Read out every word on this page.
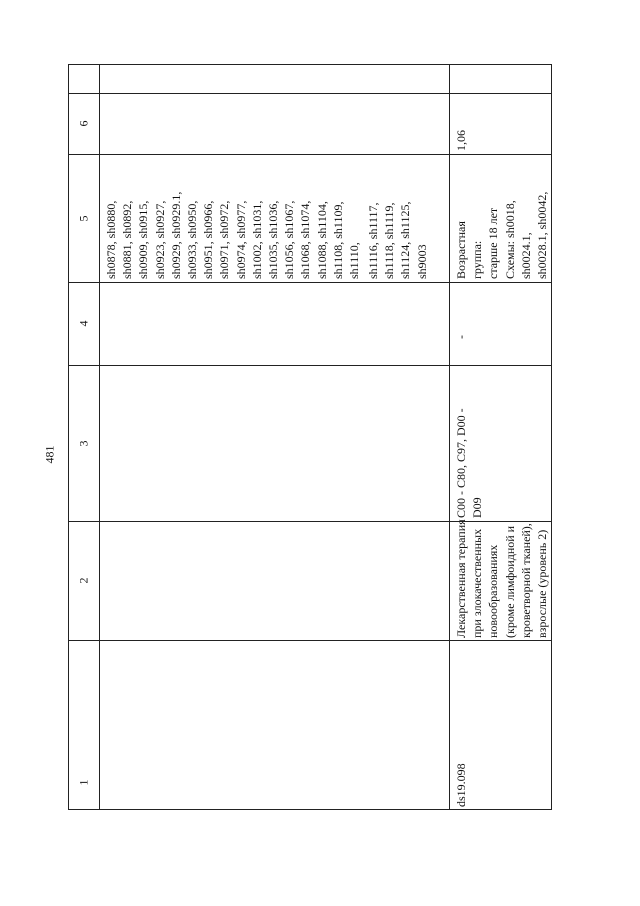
481
1
2
3
4
5
6
sh0878, sh0880,
sh0881, sh0892,
sh0909, sh0915,
sh0923, sh0927,
sh0929, sh0929.1,
sh0933, sh0950,
sh0951, sh0966,
sh0971, sh0972,
sh0974, sh0977,
sh1002, sh1031,
sh1035, sh1036,
sh1056, sh1067,
sh1068, sh1074,
sh1088, sh1104,
sh1108, sh1109,
sh1110, sh1116, sh1117,
sh1118, sh1119,
sh1124, sh1125,
sh9003
ds19.098
Лекарственная терапия
при злокачественных
новообразованиях
(кроме лимфоидной и
кроветворной тканей),
взрослые (уровень 2)
C00 - C80, C97, D00 -
D09
-
Возрастная
группа:
старше 18 лет
Схемы: sh0018,
sh0024.1,
sh0028.1, sh0042,
1,06
